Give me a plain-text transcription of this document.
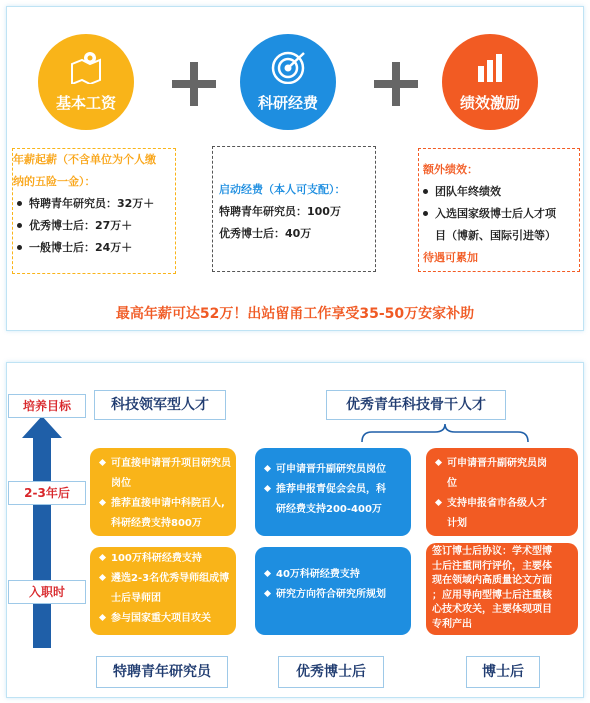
基本工资	科研经费	绩效激励
年薪起薪（不含单位为个人缴
纳的五险一金）：
特聘青年研究员：32万＋
优秀博士后：27万＋
一般博士后：24万＋
启动经费（本人可支配）：
特聘青年研究员：100万
优秀博士后：40万
额外绩效：
团队年终绩效
入选国家级博士后人才项
目（博新、国际引进等）
待遇可累加
最高年薪可达52万！出站留甬工作享受35-50万安家补助
培养目标
2-3年后
入职时
科技领军型人才	优秀青年科技骨干人才
可直接申请晋升项目研究员
岗位
推荐直接申请中科院百人,
科研经费支持800万
可申请晋升副研究员岗位
推荐申报青促会会员，科
研经费支持200-400万
可申请晋升副研究员岗
位
支持申报省市各级人才
计划
100万科研经费支持
遴选2-3名优秀导师组成博
士后导师团
参与国家重大项目攻关
40万科研经费支持
研究方向符合研究所规划
签订博士后协议：学术型博
士后注重同行评价，主要体
现在领域内高质量论文方面
；应用导向型博士后注重核
心技术攻关，主要体现项目
专利产出
特聘青年研究员	优秀博士后	博士后
